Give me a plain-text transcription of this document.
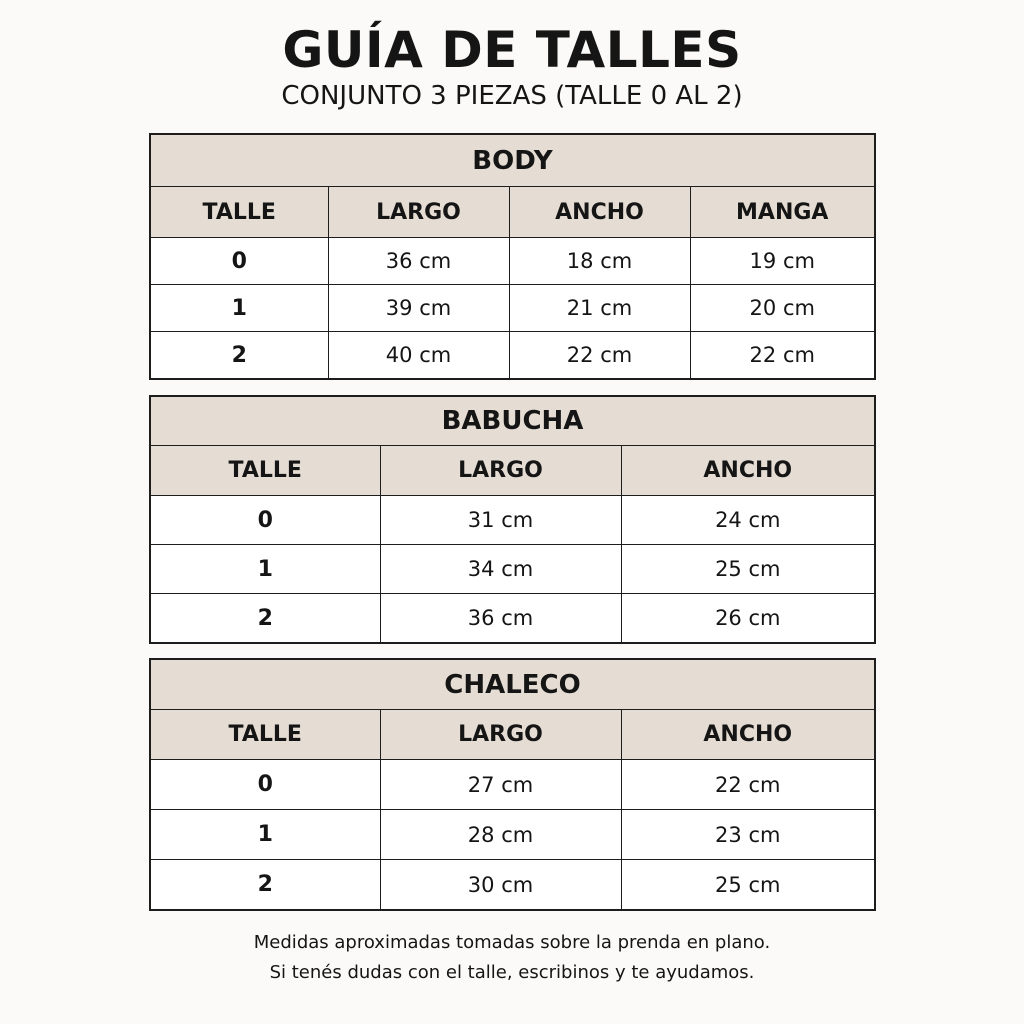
GUÍA DE TALLES
CONJUNTO 3 PIEZAS (TALLE 0 AL 2)
BODY			
TALLE	LARGO	ANCHO	MANGA
0	36 cm	18 cm	19 cm
1	39 cm	21 cm	20 cm
2	40 cm	22 cm	22 cm
BABUCHA		
TALLE	LARGO	ANCHO
0	31 cm	24 cm
1	34 cm	25 cm
2	36 cm	26 cm
CHALECO		
TALLE	LARGO	ANCHO
0	27 cm	22 cm
1	28 cm	23 cm
2	30 cm	25 cm
Medidas aproximadas tomadas sobre la prenda en plano.
Si tenés dudas con el talle, escribinos y te ayudamos.
